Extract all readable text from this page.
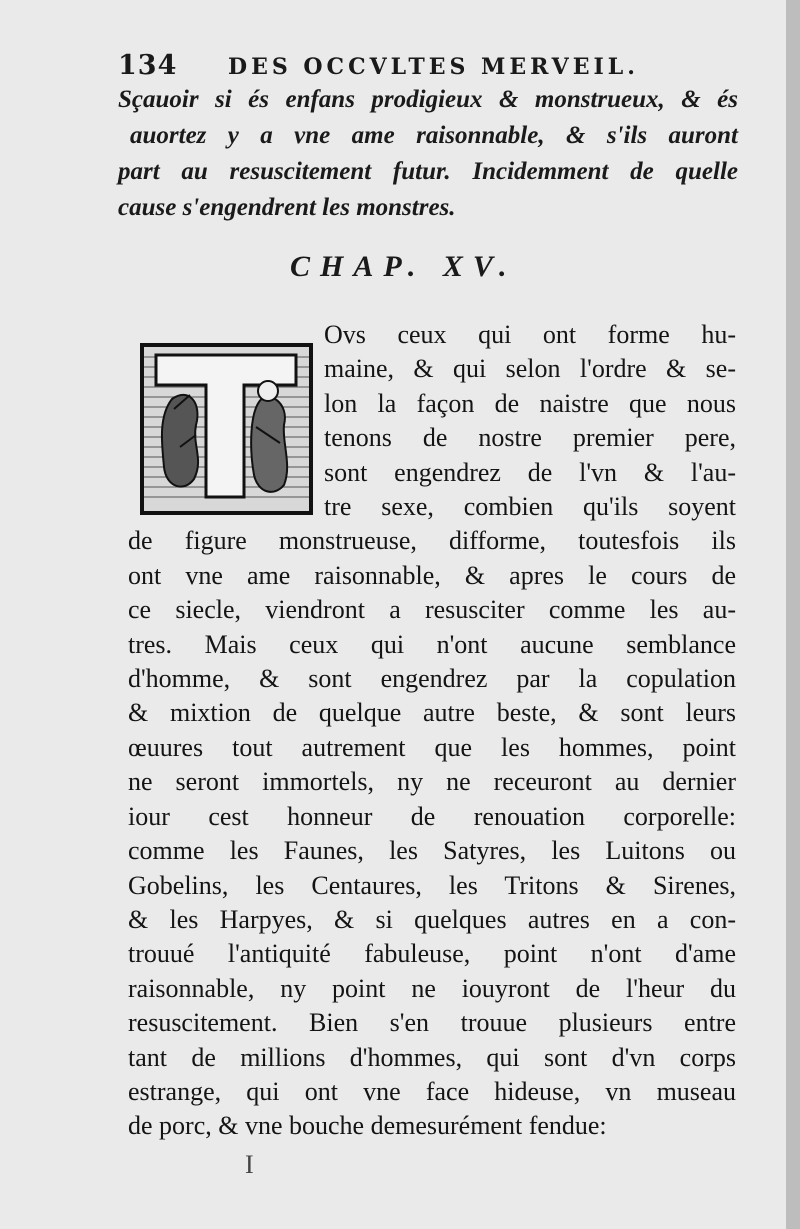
134 DES OCCVLTES MERVEIL.
Sçauoir si és enfans prodigieux & monstrueux, & és
auortez y a vne ame raisonnable, & s'ils auront
part au resuscitement futur. Incidemment de quelle
cause s'engendrent les monstres.
CHAP. XV.
Ovs ceux qui ont forme hu-
maine, & qui selon l'ordre & se-
lon la façon de naistre que nous
tenons de nostre premier pere,
sont engendrez de l'vn & l'au-
tre sexe, combien qu'ils soyent
de figure monstrueuse, difforme, toutesfois ils
ont vne ame raisonnable, & apres le cours de
ce siecle, viendront a resusciter comme les au-
tres. Mais ceux qui n'ont aucune semblance
d'homme, & sont engendrez par la copulation
& mixtion de quelque autre beste, & sont leurs
œuures tout autrement que les hommes, point
ne seront immortels, ny ne receuront au dernier
iour cest honneur de renouation corporelle:
comme les Faunes, les Satyres, les Luitons ou
Gobelins, les Centaures, les Tritons & Sirenes,
& les Harpyes, & si quelques autres en a con-
trouué l'antiquité fabuleuse, point n'ont d'ame
raisonnable, ny point ne iouyront de l'heur du
resuscitement. Bien s'en trouue plusieurs entre
tant de millions d'hommes, qui sont d'vn corps
estrange, qui ont vne face hideuse, vn museau
de porc, & vne bouche demesurément fendue:
I
